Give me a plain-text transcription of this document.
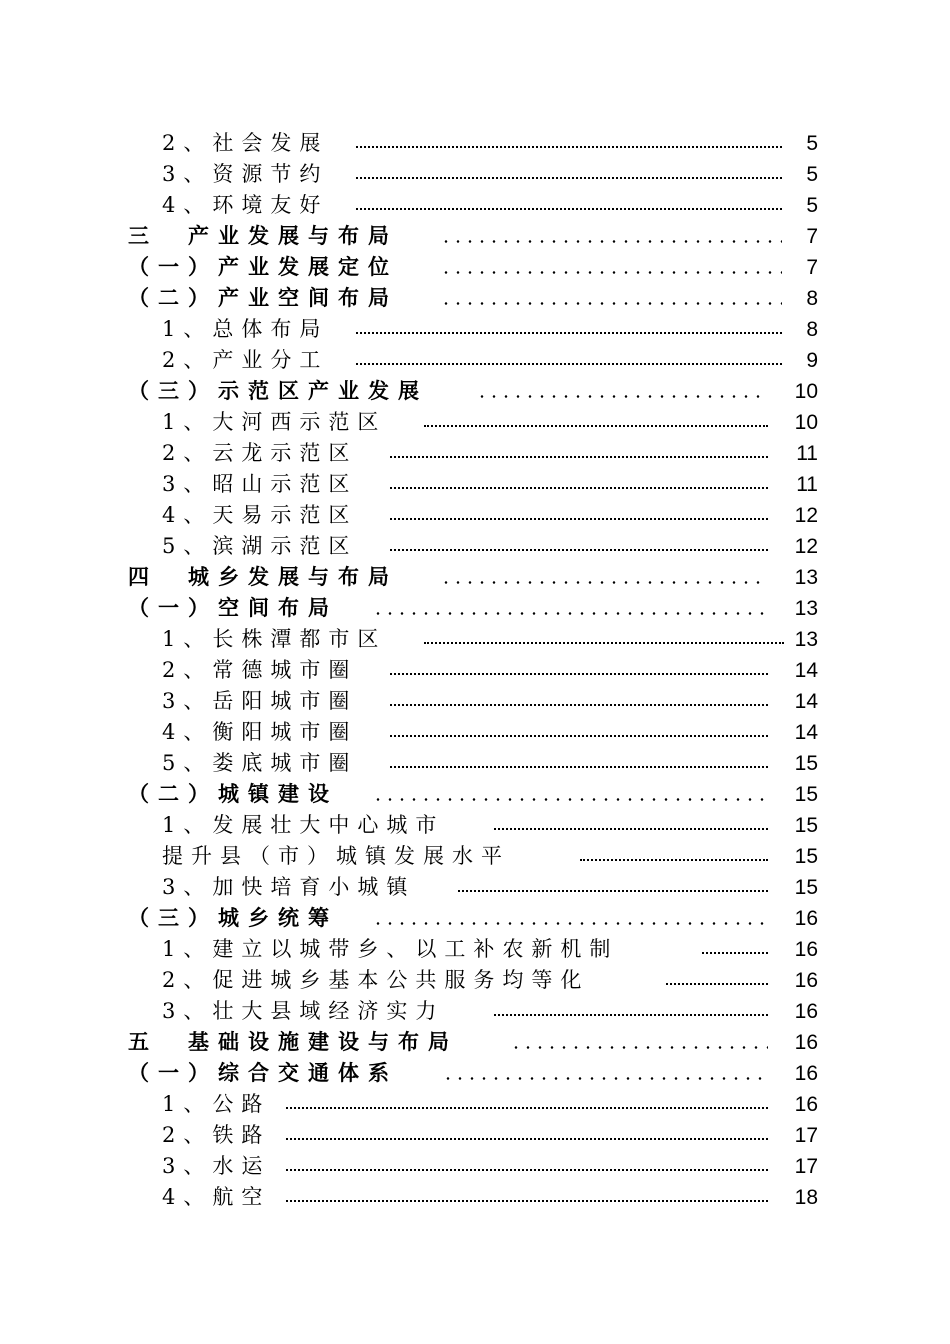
2、社会发展	5
3、资源节约	5
4、环境友好	5
三　产业发展与布局	7
（一）产业发展定位	7
（二）产业空间布局	8
1、总体布局	8
2、产业分工	9
（三）示范区产业发展	10
1、大河西示范区	10
2、云龙示范区	11
3、昭山示范区	11
4、天易示范区	12
5、滨湖示范区	12
四　城乡发展与布局	13
（一）空间布局	13
1、长株潭都市区	13
2、常德城市圈	14
3、岳阳城市圈	14
4、衡阳城市圈	14
5、娄底城市圈	15
（二）城镇建设	15
1、发展壮大中心城市	15
提升县（市）城镇发展水平	15
3、加快培育小城镇	15
（三）城乡统筹	16
1、建立以城带乡、以工补农新机制	16
2、促进城乡基本公共服务均等化	16
3、壮大县域经济实力	16
五　基础设施建设与布局	16
（一）综合交通体系	16
1、公路	16
2、铁路	17
3、水运	17
4、航空	18
